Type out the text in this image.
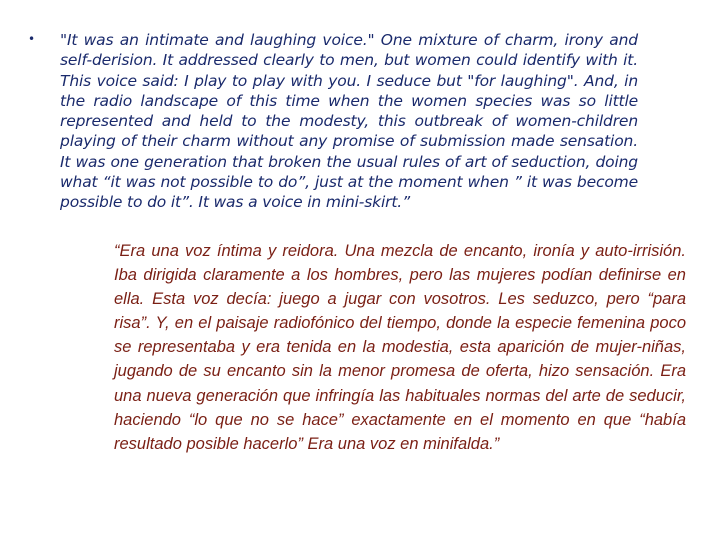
• "It was an intimate and laughing voice." One mixture of charm, irony and self-derision. It addressed clearly to men, but women could identify with it. This voice said: I play to play with you. I seduce but "for laughing". And, in the radio landscape of this time when the women species was so little represented and held to the modesty, this outbreak of women-children playing of their charm without any promise of submission made sensation. It was one generation that broken the usual rules of art of seduction, doing what “it was not possible to do”, just at the moment when ” it was become possible to do it”. It was a voice in mini-skirt.”
“Era una voz íntima y reidora. Una mezcla de encanto, ironía y auto-irrisión. Iba dirigida claramente a los hombres, pero las mujeres podían definirse en ella. Esta voz decía: juego a jugar con vosotros. Les seduzco, pero “para risa”. Y, en el paisaje radiofónico del tiempo, donde la especie femenina poco se representaba y era tenida en la modestia, esta aparición de mujer-niñas, jugando de su encanto sin la menor promesa de oferta, hizo sensación. Era una nueva generación que infringía las habituales normas del arte de seducir, haciendo “lo que no se hace” exactamente en el momento en que “había resultado posible hacerlo” Era una voz en minifalda.”
